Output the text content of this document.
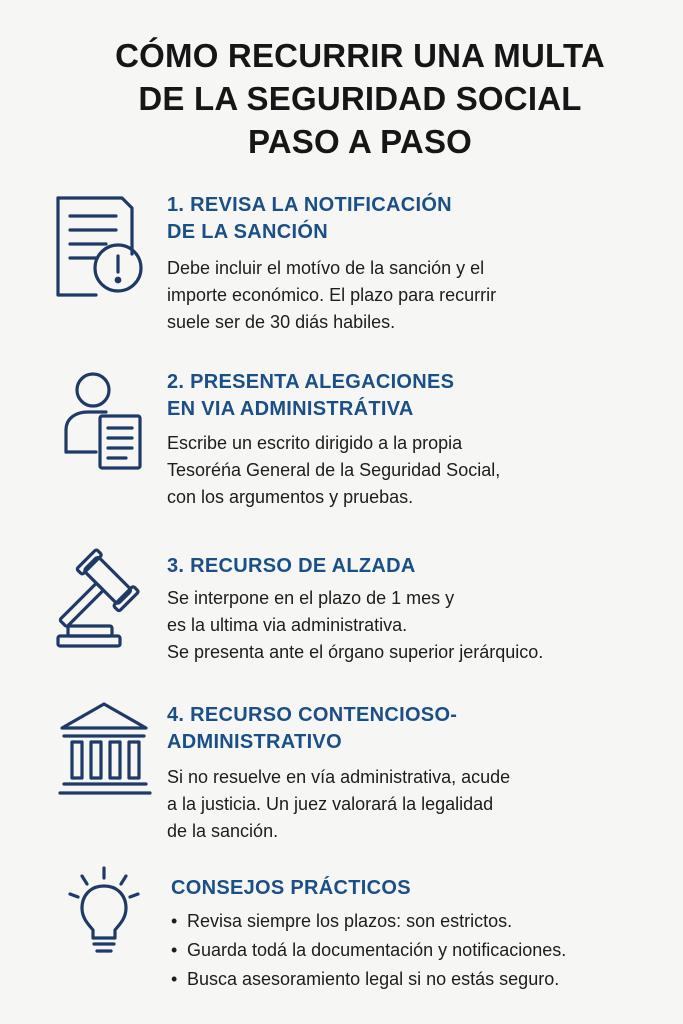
CÓMO RECURRIR UNA MULTA
DE LA SEGURIDAD SOCIAL
PASO A PASO
1. REVISA LA NOTIFICACIÓN
DE LA SANCIÓN
Debe incluir el motívo de la sanción y el
importe económico. El plazo para recurrir
suele ser de 30 diás habiles.
2. PRESENTA ALEGACIONES
EN VIA ADMINISTRÁTIVA
Escribe un escrito dirigido a la propia
Tesoréńa General de la Seguridad Social,
con los argumentos y pruebas.
3. RECURSO DE ALZADA
Se interpone en el plazo de 1 mes y
es la ultima via administrativa.
Se presenta ante el órgano superior jerárquico.
4. RECURSO CONTENCIOSO-
ADMINISTRATIVO
Si no resuelve en vía administrativa, acude
a la justicia. Un juez valorará la legalidad
de la sanción.
CONSEJOS PRÁCTICOS
• Revisa siempre los plazos: son estrictos.
• Guarda todá la documentación y notificaciones.
• Busca asesoramiento legal si no estás seguro.
